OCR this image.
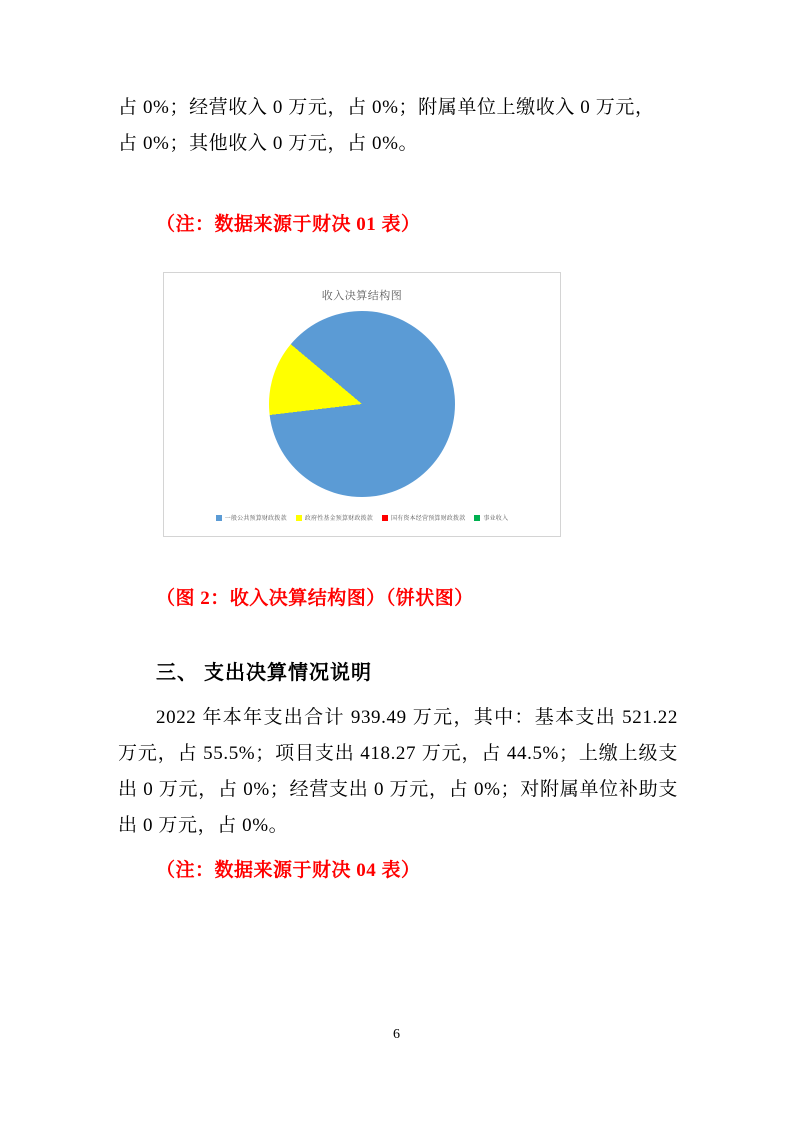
占 0%；经营收入 0 万元，占 0%；附属单位上缴收入 0 万元，

占 0%；其他收入 0 万元，占 0%。

（注：数据来源于财决 01 表）

收入决算结构图
一般公共预算财政拨款	政府性基金预算财政拨款	国有资本经营预算财政拨款	事业收入

（图 2：收入决算结构图）（饼状图）

三、 支出决算情况说明

2022 年本年支出合计 939.49 万元，其中：基本支出 521.22 万元，占 55.5%；项目支出 418.27 万元，占 44.5%；上缴上级支出 0 万元，占 0%；经营支出 0 万元，占 0%；对附属单位补助支出 0 万元，占 0%。

（注：数据来源于财决 04 表）

6
